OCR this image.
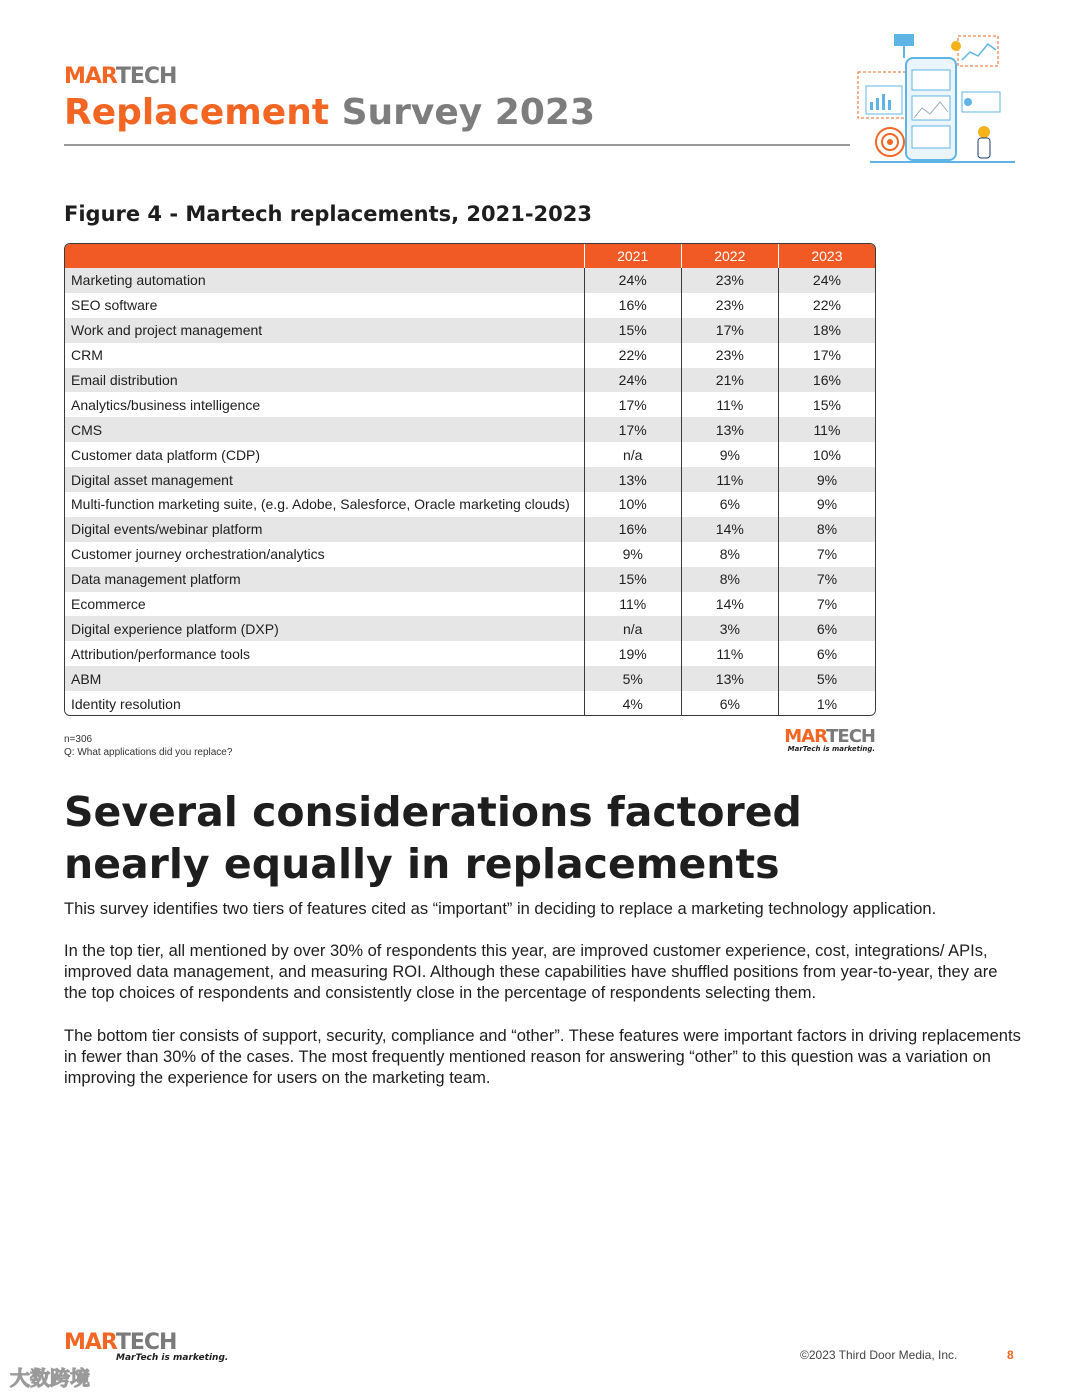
MARTECH
Replacement Survey 2023
Figure 4 - Martech replacements, 2021-2023
	2021	2022	2023
Marketing automation	24%	23%	24%
SEO software	16%	23%	22%
Work and project management	15%	17%	18%
CRM	22%	23%	17%
Email distribution	24%	21%	16%
Analytics/business intelligence	17%	11%	15%
CMS	17%	13%	11%
Customer data platform (CDP)	n/a	9%	10%
Digital asset management	13%	11%	9%
Multi-function marketing suite, (e.g. Adobe, Salesforce, Oracle marketing clouds)	10%	6%	9%
Digital events/webinar platform	16%	14%	8%
Customer journey orchestration/analytics	9%	8%	7%
Data management platform	15%	8%	7%
Ecommerce	11%	14%	7%
Digital experience platform (DXP)	n/a	3%	6%
Attribution/performance tools	19%	11%	6%
ABM	5%	13%	5%
Identity resolution	4%	6%	1%
n=306
Q: What applications did you replace?
MARTECH
MarTech is marketing.
Several considerations factored
nearly equally in replacements
This survey identifies two tiers of features cited as “important” in deciding to replace a marketing technology application.
In the top tier, all mentioned by over 30% of respondents this year, are improved customer experience, cost, integrations/ APIs, improved data management, and measuring ROI. Although these capabilities have shuffled positions from year-to-year, they are the top choices of respondents and consistently close in the percentage of respondents selecting them.
The bottom tier consists of support, security, compliance and “other”. These features were important factors in driving replacements in fewer than 30% of the cases. The most frequently mentioned reason for answering “other” to this question was a variation on improving the experience for users on the marketing team.
MARTECH
MarTech is marketing.	©2023 Third Door Media, Inc.	8
大数跨境
